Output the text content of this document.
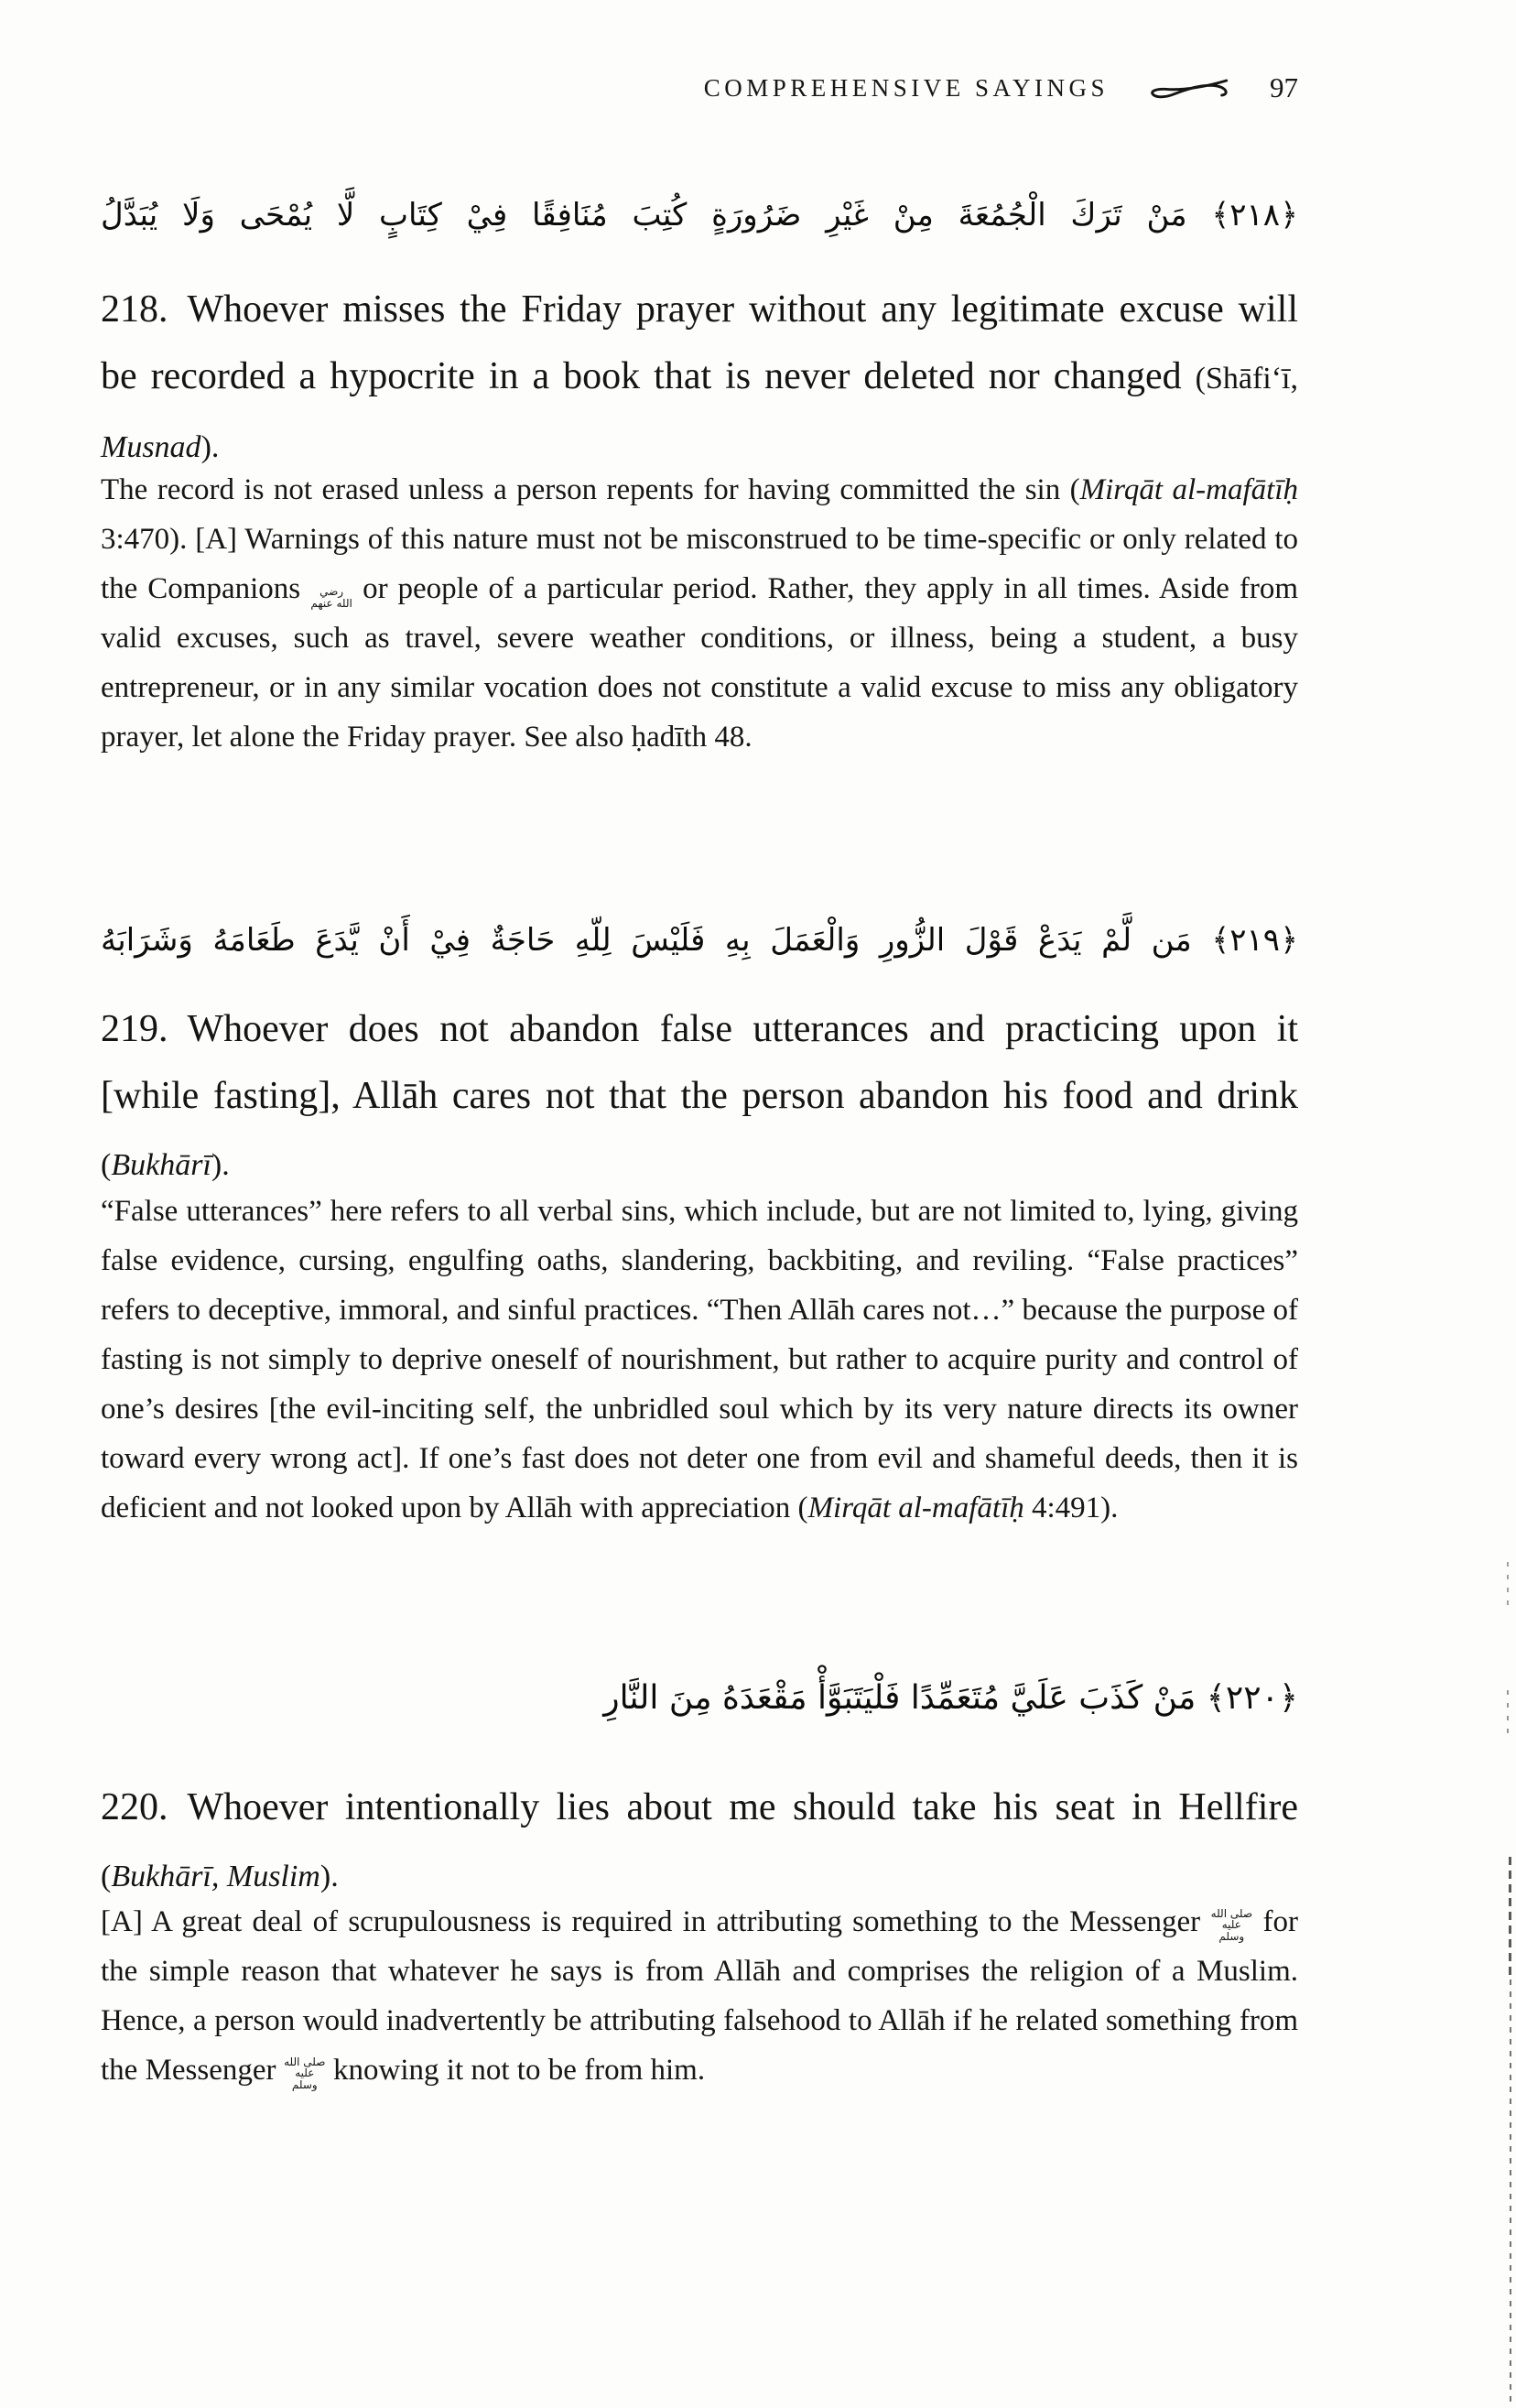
COMPREHENSIVE SAYINGS	97
﴿٢١٨﴾ مَنْ تَرَكَ الْجُمُعَةَ مِنْ غَيْرِ ضَرُورَةٍ كُتِبَ مُنَافِقًا فِيْ كِتَابٍ لَّا يُمْحَى وَلَا يُبَدَّلُ
218. Whoever misses the Friday prayer without any legitimate excuse will be recorded a hypocrite in a book that is never deleted nor changed (Shāfi‘ī, Musnad).
The record is not erased unless a person repents for having committed the sin (Mirqāt al-mafātīḥ 3:470). [A] Warnings of this nature must not be misconstrued to be time-specific or only related to the Companions رضي الله عنهم or people of a particular period. Rather, they apply in all times. Aside from valid excuses, such as travel, severe weather conditions, or illness, being a student, a busy entrepreneur, or in any similar vocation does not constitute a valid excuse to miss any obligatory prayer, let alone the Friday prayer. See also ḥadīth 48.
﴿٢١٩﴾ مَن لَّمْ يَدَعْ قَوْلَ الزُّورِ وَالْعَمَلَ بِهِ فَلَيْسَ لِلّهِ حَاجَةٌ فِيْ أَنْ يَّدَعَ طَعَامَهُ وَشَرَابَهُ
219. Whoever does not abandon false utterances and practicing upon it [while fasting], Allāh cares not that the person abandon his food and drink (Bukhārī).
“False utterances” here refers to all verbal sins, which include, but are not limited to, lying, giving false evidence, cursing, engulfing oaths, slandering, backbiting, and reviling. “False practices” refers to deceptive, immoral, and sinful practices. “Then Allāh cares not…” because the purpose of fasting is not simply to deprive oneself of nourishment, but rather to acquire purity and control of one’s desires [the evil-inciting self, the unbridled soul which by its very nature directs its owner toward every wrong act]. If one’s fast does not deter one from evil and shameful deeds, then it is deficient and not looked upon by Allāh with appreciation (Mirqāt al-mafātīḥ 4:491).
﴿٢٢٠﴾ مَنْ كَذَبَ عَلَيَّ مُتَعَمِّدًا فَلْيَتَبَوَّأْ مَقْعَدَهُ مِنَ النَّارِ
220. Whoever intentionally lies about me should take his seat in Hellfire (Bukhārī, Muslim).
[A] A great deal of scrupulousness is required in attributing something to the Messenger صلى الله عليه وسلم for the simple reason that whatever he says is from Allāh and comprises the religion of a Muslim. Hence, a person would inadvertently be attributing falsehood to Allāh if he related something from the Messenger صلى الله عليه وسلم knowing it not to be from him.
